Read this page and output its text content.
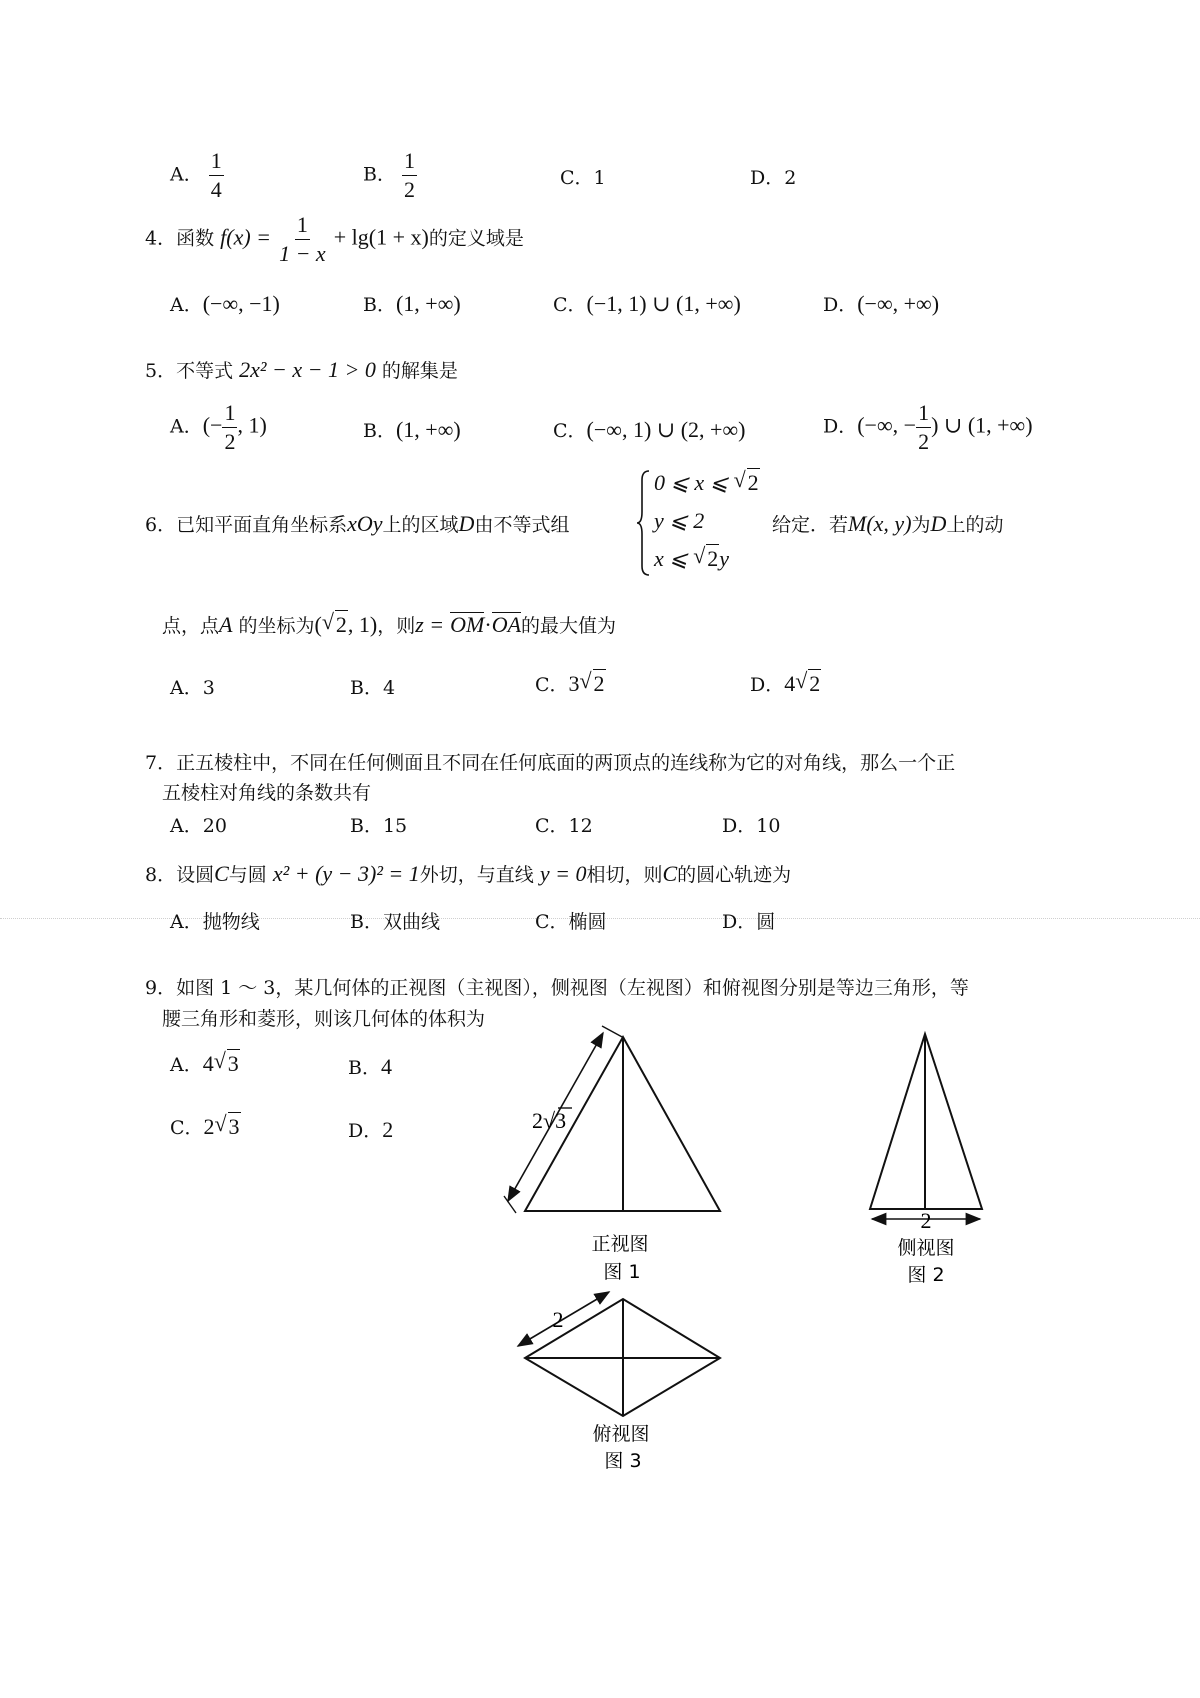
A． $\frac{1}{4}$	B． $\frac{1}{2}$	C．1	D．2
4．函数 $f(x) = \frac{1}{1 - x} + \lg(1 + x)$的定义域是
A．(−∞, −1)	B．(1, +∞)	C．(−1, 1) ∪ (1, +∞)	D．(−∞, +∞)
5．不等式 2x² − x − 1 > 0 的解集是
A．(− $\frac{1}{2}$ , 1)	B．(1, +∞)	C．(−∞, 1) ∪ (2, +∞)	D．(−∞, − $\frac{1}{2}$ ) ∪ (1, +∞)
6．已知平面直角坐标系xOy上的区域D由不等式组
0 ⩽ x ⩽ √ 2
y ⩽ 2
x ⩽ √ 2y
给定．若M(x, y)为D上的动
点，点A 的坐标为( √ 2, 1)，则z = OM·OA的最大值为
A．3	B．4	C．3 √ 2	D．4 √ 2
7．正五棱柱中，不同在任何侧面且不同在任何底面的两顶点的连线称为它的对角线，那么一个正
五棱柱对角线的条数共有
A．20	B．15	C．12	D．10
8．设圆C与圆 x² + (y − 3)² = 1外切，与直线 y = 0相切，则C的圆心轨迹为
A．抛物线	B．双曲线	C．椭圆	D．圆
9．如图 1 ～ 3，某几何体的正视图（主视图），侧视图（左视图）和俯视图分别是等边三角形，等
腰三角形和菱形，则该几何体的体积为
A．4 √ 3	B．4
C．2 √ 3	D．2	2√3
正视图
图 1
2
侧视图
图 2
2
俯视图
图 3
